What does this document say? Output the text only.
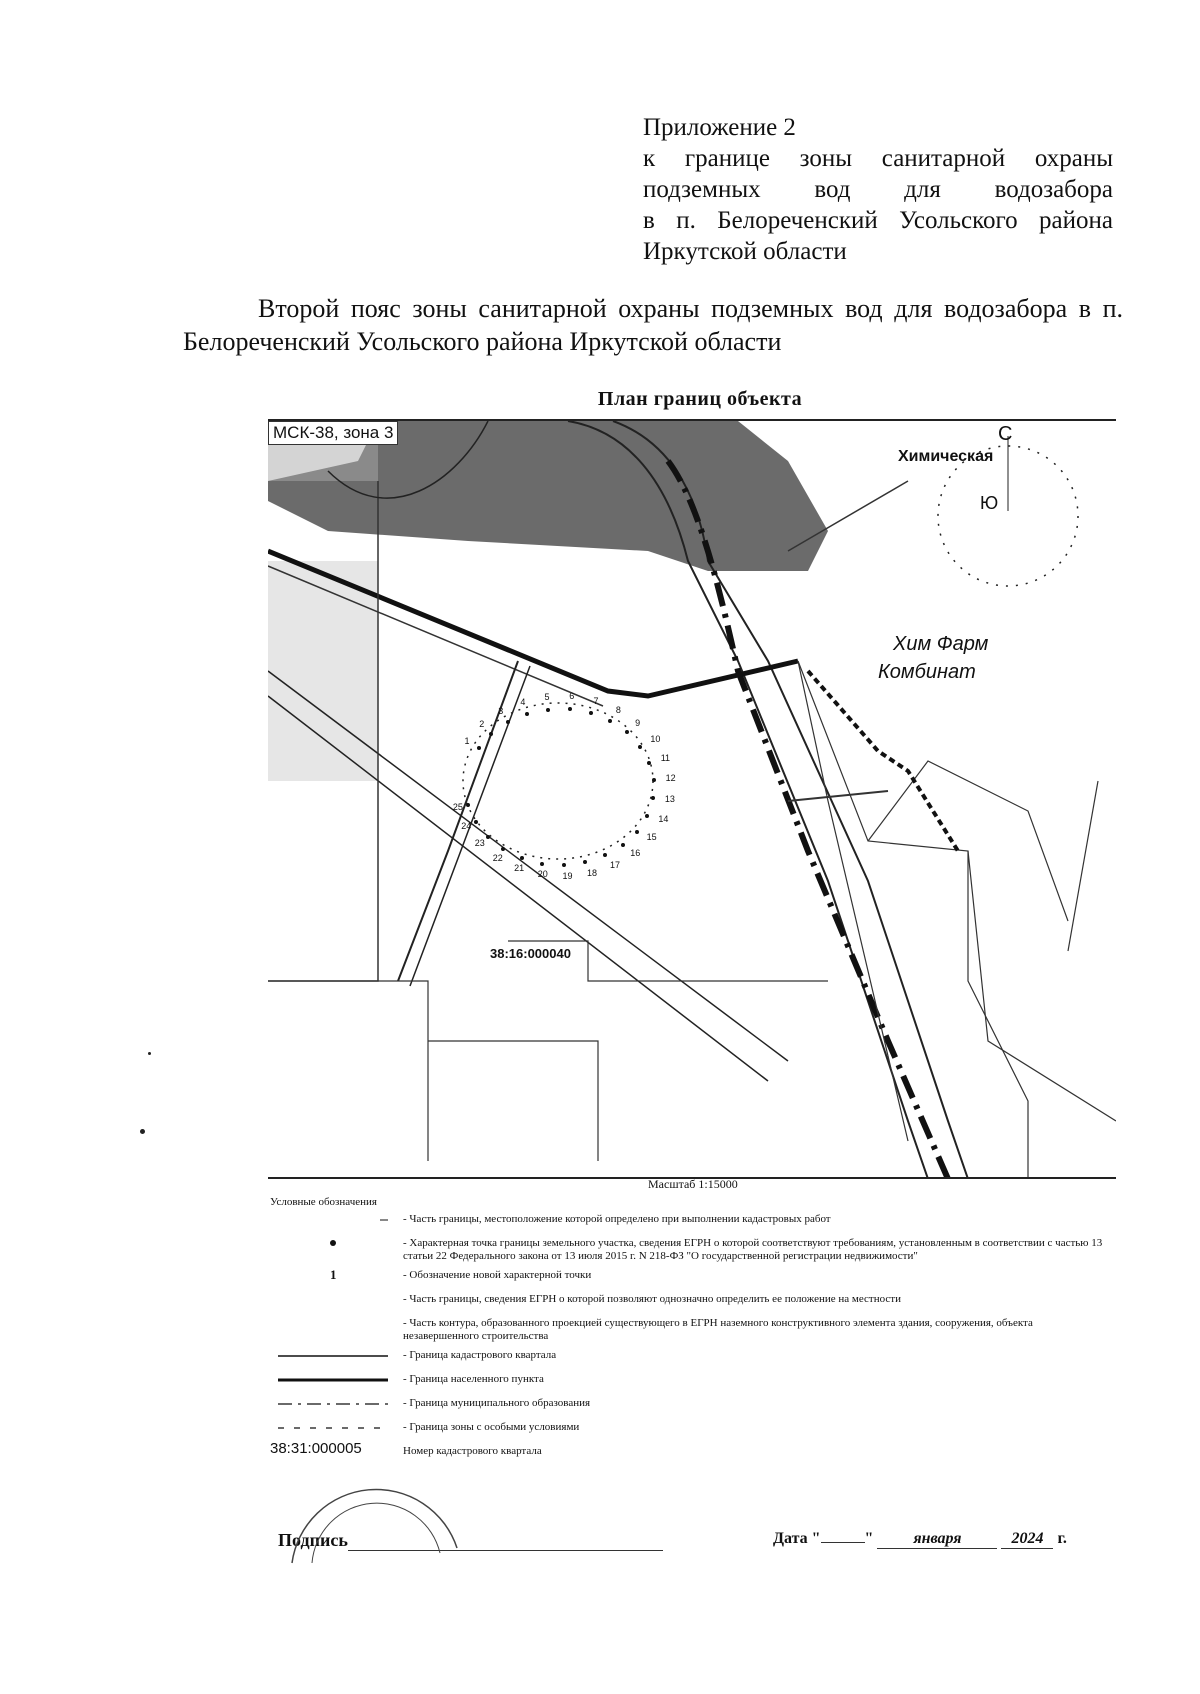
Приложение 2
к границе зоны санитарной охраны
подземных вод для водозабора
в п. Белореченский Усольского района
Иркутской области
Второй пояс зоны санитарной охраны подземных вод для водозабора в п. Белореченский Усольского района Иркутской области
План границ объекта
МСК-38, зона 3
Химическая
С
Ю
Хим Фарм
Комбинат
38:16:000040
1
2
3
4 5 6 7
8
9
10
11
12
13
14
15
16
17
18
19
20
21
22
23
24
25
Масштаб 1:15000
Условные обозначения
- Часть границы, местоположение которой определено при выполнении кадастровых работ
- Характерная точка границы земельного участка, сведения ЕГРН о которой соответствуют требованиям, установленным в соответствии с частью 13 статьи 22 Федерального закона от 13 июля 2015 г. N 218-ФЗ "О государственной регистрации недвижимости"
1	- Обозначение новой характерной точки
- Часть границы, сведения ЕГРН о которой позволяют однозначно определить ее положение на местности
- Часть контура, образованного проекцией существующего в ЕГРН наземного конструктивного элемента здания, сооружения, объекта незавершенного строительства
- Граница кадастрового квартала
- Граница населенного пункта
- Граница муниципального образования
- Граница зоны с особыми условиями
38:31:000005	Номер кадастрового квартала
Подпись	Дата "	" января	2024 г.
